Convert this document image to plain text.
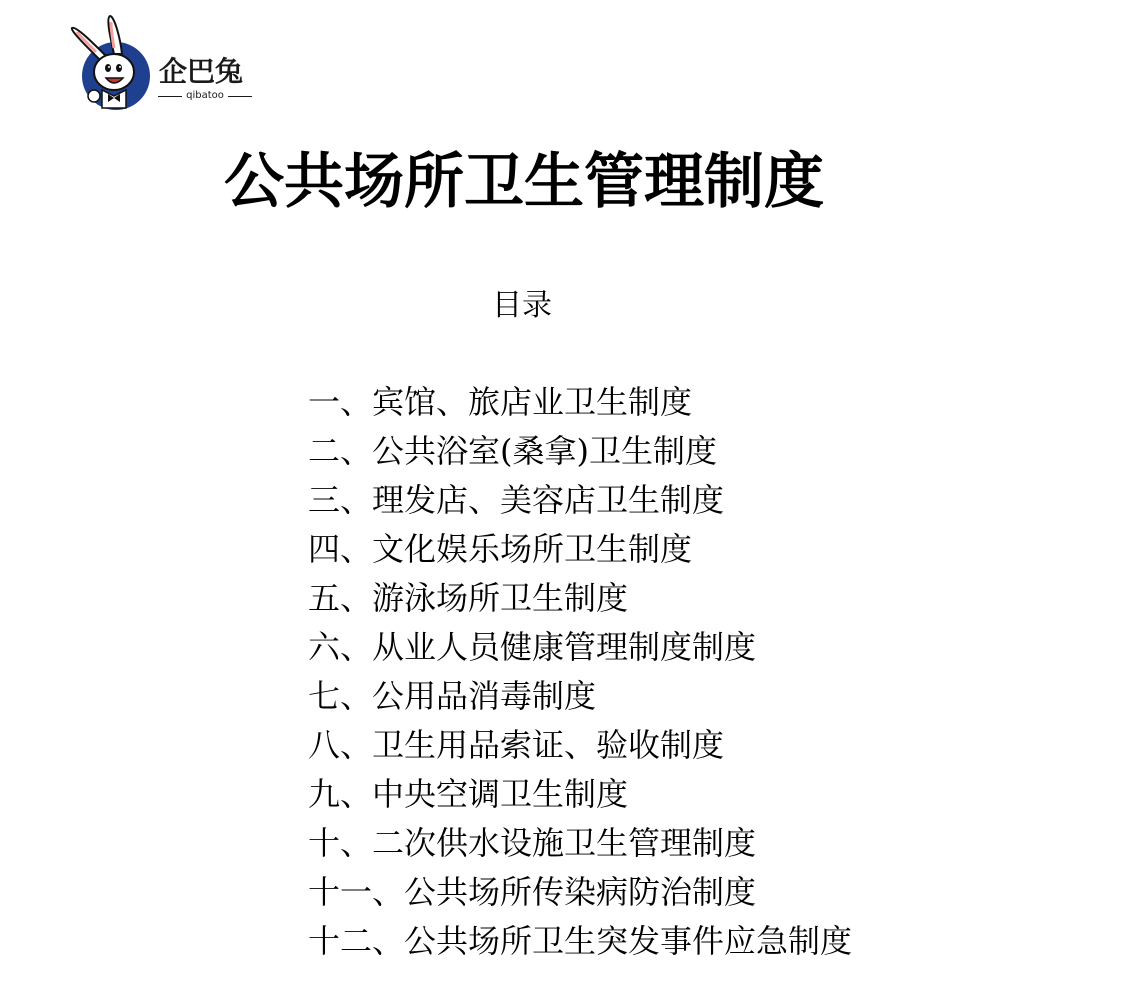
企巴兔
qibatoo
公共场所卫生管理制度
目录
一、宾馆、旅店业卫生制度
二、公共浴室(桑拿)卫生制度
三、理发店、美容店卫生制度
四、文化娱乐场所卫生制度
五、游泳场所卫生制度
六、从业人员健康管理制度制度
七、公用品消毒制度
八、卫生用品索证、验收制度
九、中央空调卫生制度
十、二次供水设施卫生管理制度
十一、公共场所传染病防治制度
十二、公共场所卫生突发事件应急制度
